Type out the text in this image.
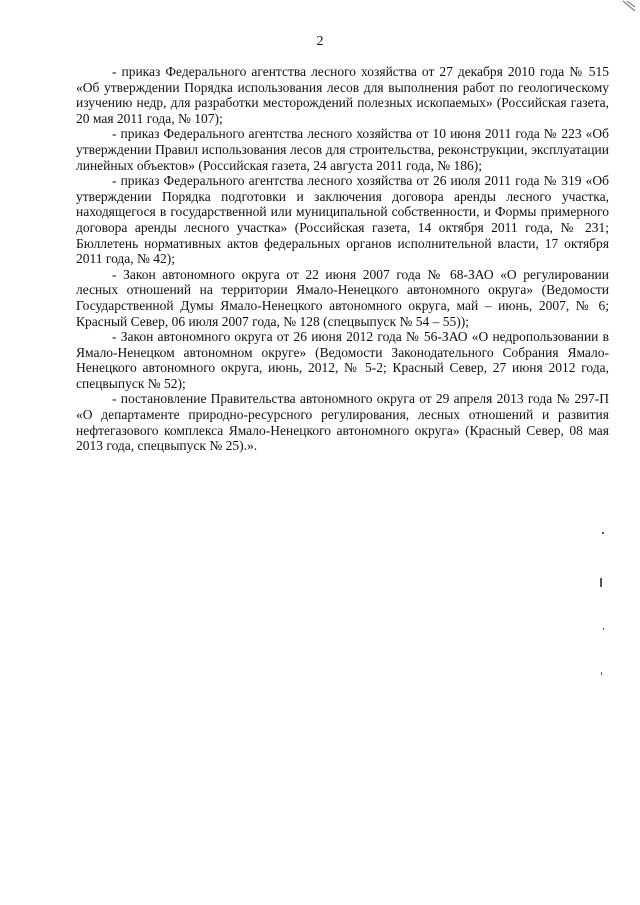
2

- приказ Федерального агентства лесного хозяйства от 27 декабря 2010 года № 515 «Об утверждении Порядка использования лесов для выполнения работ по геологическому изучению недр, для разработки месторождений полезных ископаемых» (Российская газета, 20 мая 2011 года, № 107);

- приказ Федерального агентства лесного хозяйства от 10 июня 2011 года № 223 «Об утверждении Правил использования лесов для строительства, реконструкции, эксплуатации линейных объектов» (Российская газета, 24 августа 2011 года, № 186);

- приказ Федерального агентства лесного хозяйства от 26 июля 2011 года № 319 «Об утверждении Порядка подготовки и заключения договора аренды лесного участка, находящегося в государственной или муниципальной собственности, и Формы примерного договора аренды лесного участка» (Российская газета, 14 октября 2011 года, № 231; Бюллетень нормативных актов федеральных органов исполнительной власти, 17 октября 2011 года, № 42);

- Закон автономного округа от 22 июня 2007 года № 68-ЗАО «О регулировании лесных отношений на территории Ямало-Ненецкого автономного округа» (Ведомости Государственной Думы Ямало-Ненецкого автономного округа, май – июнь, 2007, № 6; Красный Север, 06 июля 2007 года, № 128 (спецвыпуск № 54 – 55));

- Закон автономного округа от 26 июня 2012 года № 56-ЗАО «О недропользовании в Ямало-Ненецком автономном округе» (Ведомости Законодательного Собрания Ямало-Ненецкого автономного округа, июнь, 2012, № 5-2; Красный Север, 27 июня 2012 года, спецвыпуск № 52);

- постановление Правительства автономного округа от 29 апреля 2013 года № 297-П «О департаменте природно-ресурсного регулирования, лесных отношений и развития нефтегазового комплекса Ямало-Ненецкого автономного округа» (Красный Север, 08 мая 2013 года, спецвыпуск № 25).».
